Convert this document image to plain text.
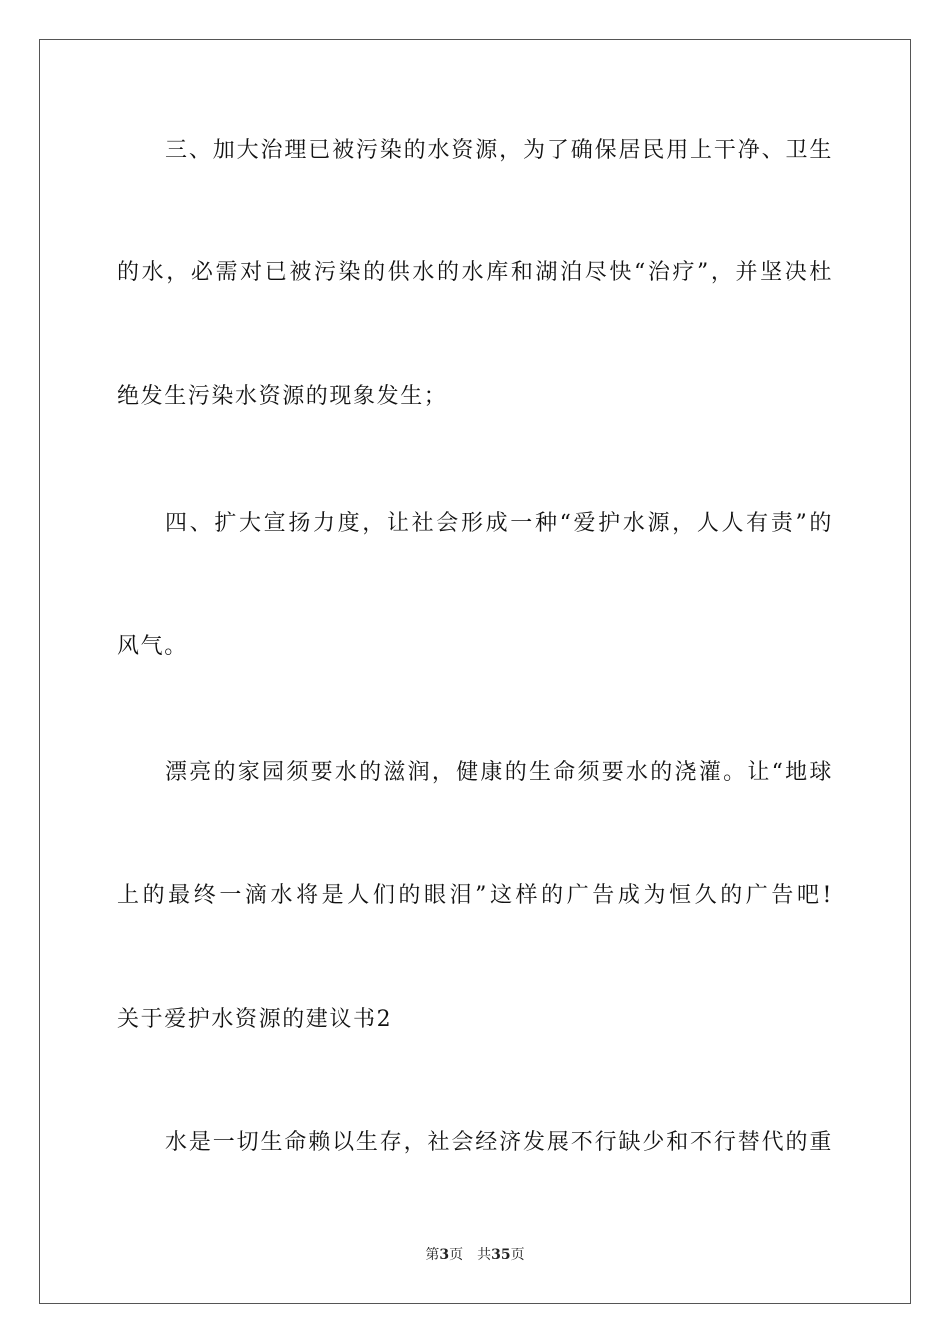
三、加大治理已被污染的水资源，为了确保居民用上干净、卫生
的水，必需对已被污染的供水的水库和湖泊尽快“治疗”，并坚决杜
绝发生污染水资源的现象发生；
四、扩大宣扬力度，让社会形成一种“爱护水源，人人有责”的
风气。
漂亮的家园须要水的滋润，健康的生命须要水的浇灌。让“地球
上的最终一滴水将是人们的眼泪”这样的广告成为恒久的广告吧!
关于爱护水资源的建议书2
水是一切生命赖以生存，社会经济发展不行缺少和不行替代的重
第3页 共35页
